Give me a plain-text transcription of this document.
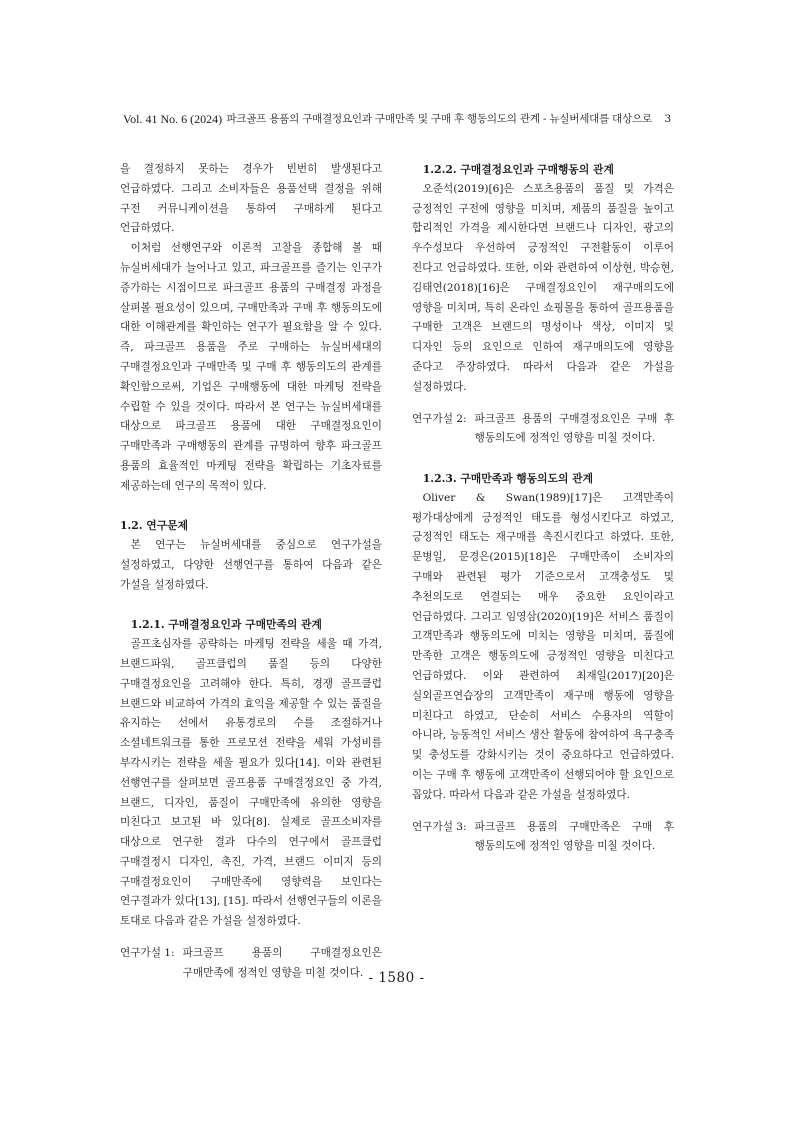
Vol. 41 No. 6 (2024) 파크골프 용품의 구매결정요인과 구매만족 및 구매 후 행동의도의 관계 - 뉴실버세대를 대상으로 3

을 결정하지 못하는 경우가 빈번히 발생된다고 언급하였다. 그리고 소비자들은 용품선택 결정을 위해 구전 커뮤니케이션을 통하여 구매하게 된다고 언급하였다.

이처럼 선행연구와 이론적 고찰을 종합해 볼 때 뉴실버세대가 늘어나고 있고, 파크골프를 즐기는 인구가 증가하는 시점이므로 파크골프 용품의 구매결정 과정을 살펴볼 필요성이 있으며, 구매만족과 구매 후 행동의도에 대한 이해관계를 확인하는 연구가 필요함을 알 수 있다. 즉, 파크골프 용품을 주로 구매하는 뉴실버세대의 구매결정요인과 구매만족 및 구매 후 행동의도의 관계를 확인함으로써, 기업은 구매행동에 대한 마케팅 전략을 수립할 수 있을 것이다. 따라서 본 연구는 뉴실버세대를 대상으로 파크골프 용품에 대한 구매결정요인이 구매만족과 구매행동의 관계를 규명하여 향후 파크골프 용품의 효율적인 마케팅 전략을 확립하는 기초자료를 제공하는데 연구의 목적이 있다.

1.2. 연구문제

본 연구는 뉴실버세대를 중심으로 연구가설을 설정하였고, 다양한 선행연구를 통하여 다음과 같은 가설을 설정하였다.

1.2.1. 구매결정요인과 구매만족의 관계

골프초심자를 공략하는 마케팅 전략을 세울 때 가격, 브랜드파워, 골프클럽의 품질 등의 다양한 구매결정요인을 고려해야 한다. 특히, 경쟁 골프클럽 브랜드와 비교하여 가격의 효익을 제공할 수 있는 품질을 유지하는 선에서 유통경로의 수를 조절하거나 소셜네트워크를 통한 프로모션 전략을 세워 가성비를 부각시키는 전략을 세울 필요가 있다[14]. 이와 관련된 선행연구를 살펴보면 골프용품 구매결정요인 중 가격, 브랜드, 디자인, 품질이 구매만족에 유의한 영향을 미친다고 보고된 바 있다[8]. 실제로 골프소비자를 대상으로 연구한 결과 다수의 연구에서 골프클럽 구매결정시 디자인, 촉진, 가격, 브랜드 이미지 등의 구매결정요인이 구매만족에 영향력을 보인다는 연구결과가 있다[13], [15]. 따라서 선행연구들의 이론을 토대로 다음과 같은 가설을 설정하였다.

연구가설 1: 파크골프 용품의 구매결정요인은 구매만족에 정적인 영향을 미칠 것이다.
1.2.2. 구매결정요인과 구매행동의 관계

오준석(2019)[6]은 스포츠용품의 품질 및 가격은 긍정적인 구전에 영향을 미치며, 제품의 품질을 높이고 합리적인 가격을 제시한다면 브랜드나 디자인, 광고의 우수성보다 우선하여 긍정적인 구전활동이 이루어 진다고 언급하였다. 또한, 이와 관련하여 이상현, 박승현, 김태연(2018)[16]은 구매결정요인이 재구매의도에 영향을 미치며, 특히 온라인 쇼핑몰을 통하여 골프용품을 구매한 고객은 브랜드의 명성이나 색상, 이미지 및 디자인 등의 요인으로 인하여 재구매의도에 영향을 준다고 주장하였다. 따라서 다음과 같은 가설을 설정하였다.

연구가설 2: 파크골프 용품의 구매결정요인은 구매 후 행동의도에 정적인 영향을 미칠 것이다.
1.2.3. 구매만족과 행동의도의 관계

Oliver & Swan(1989)[17]은 고객만족이 평가대상에게 긍정적인 태도를 형성시킨다고 하였고, 긍정적인 태도는 재구매를 촉진시킨다고 하였다. 또한, 문병일, 문경은(2015)[18]은 구매만족이 소비자의 구매와 관련된 평가 기준으로서 고객충성도 및 추천의도로 연결되는 매우 중요한 요인이라고 언급하였다. 그리고 임영삼(2020)[19]은 서비스 품질이 고객만족과 행동의도에 미치는 영향을 미치며, 품질에 만족한 고객은 행동의도에 긍정적인 영향을 미친다고 언급하였다. 이와 관련하여 최재일(2017)[20]은 실외골프연습장의 고객만족이 재구매 행동에 영향을 미친다고 하였고, 단순히 서비스 수용자의 역할이 아니라, 능동적인 서비스 생산 활동에 참여하여 욕구충족 및 충성도를 강화시키는 것이 중요하다고 언급하였다. 이는 구매 후 행동에 고객만족이 선행되어야 할 요인으로 꼽았다. 따라서 다음과 같은 가설을 설정하였다.

연구가설 3: 파크골프 용품의 구매만족은 구매 후 행동의도에 정적인 영향을 미칠 것이다.
- 1580 -
